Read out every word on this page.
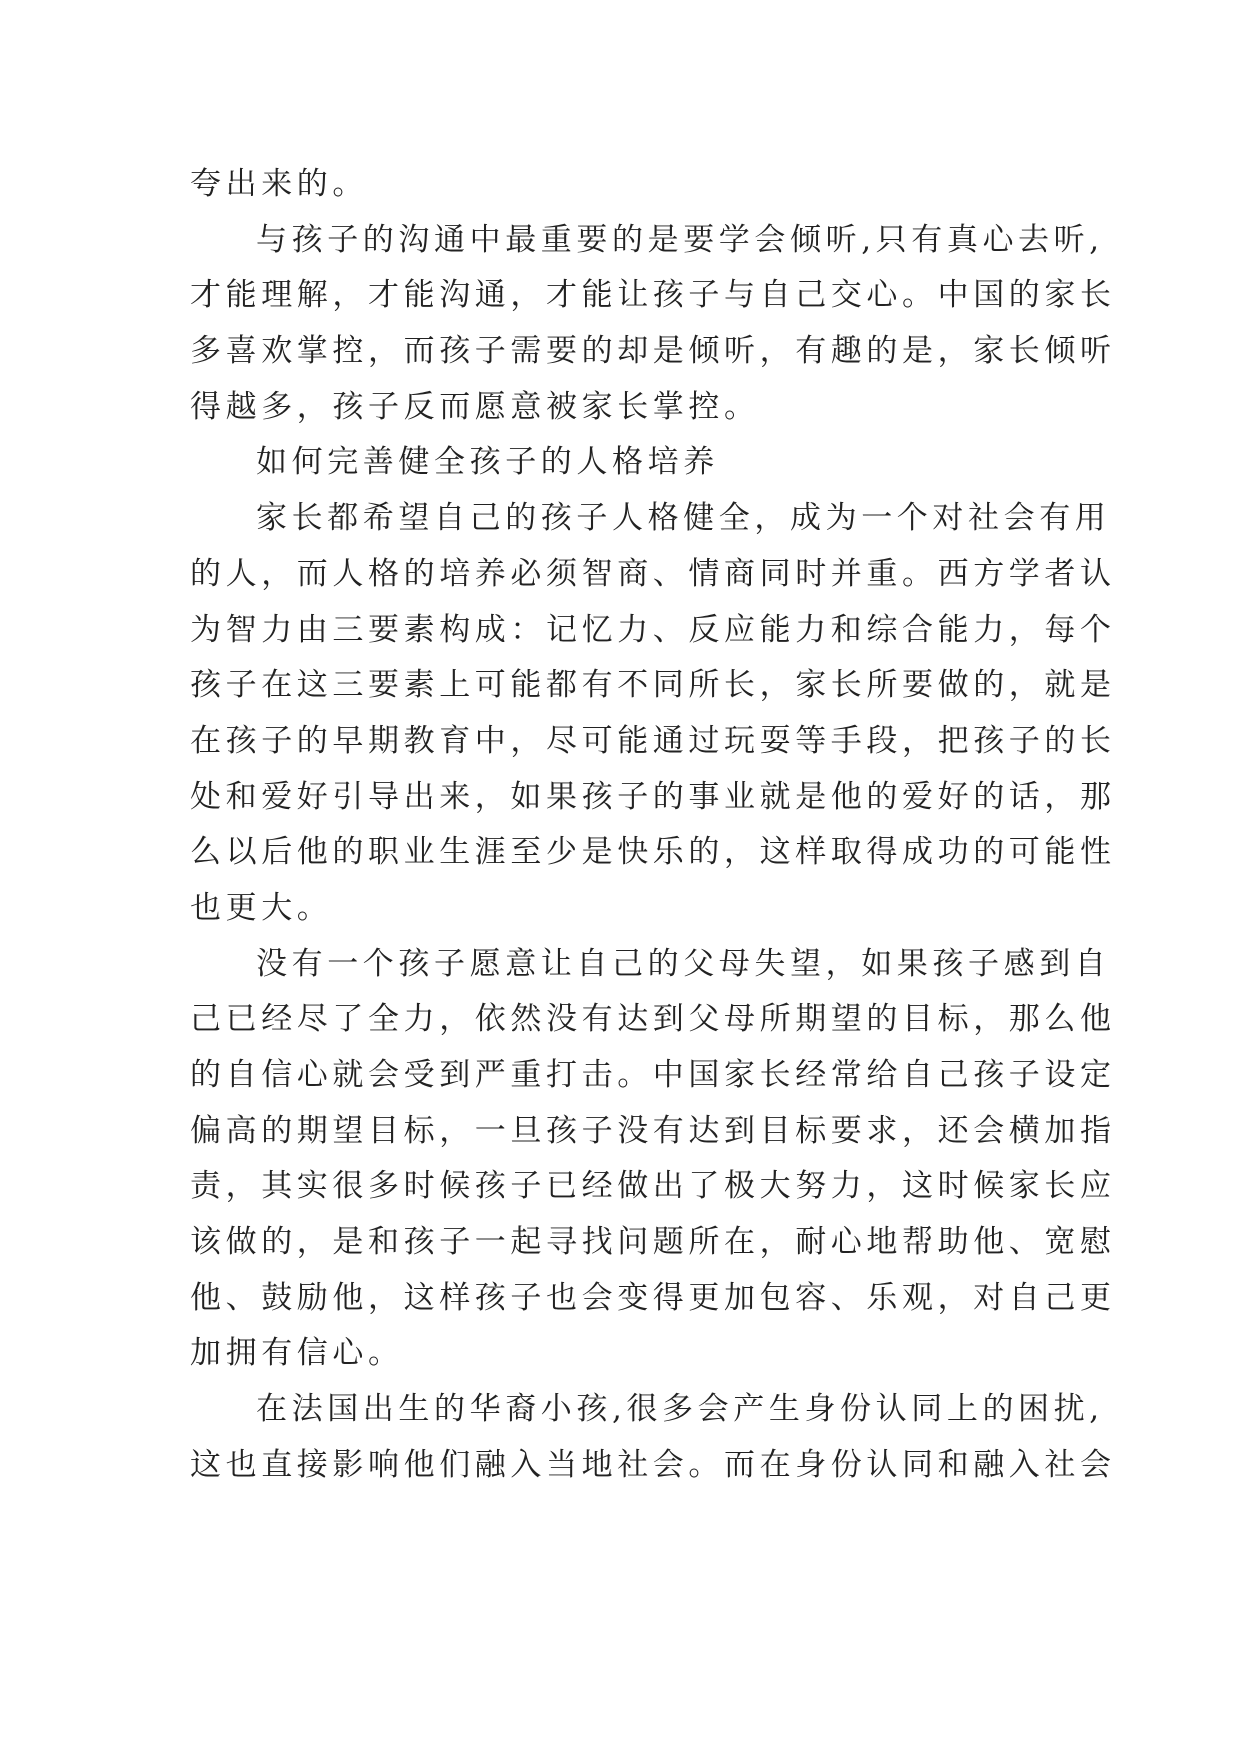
夸出来的。
与孩子的沟通中最重要的是要学会倾听,只有真心去听,
才能理解，才能沟通，才能让孩子与自己交心。中国的家长
多喜欢掌控，而孩子需要的却是倾听，有趣的是，家长倾听
得越多，孩子反而愿意被家长掌控。
如何完善健全孩子的人格培养
家长都希望自己的孩子人格健全，成为一个对社会有用
的人，而人格的培养必须智商、情商同时并重。西方学者认
为智力由三要素构成：记忆力、反应能力和综合能力，每个
孩子在这三要素上可能都有不同所长，家长所要做的，就是
在孩子的早期教育中，尽可能通过玩耍等手段，把孩子的长
处和爱好引导出来，如果孩子的事业就是他的爱好的话，那
么以后他的职业生涯至少是快乐的，这样取得成功的可能性
也更大。
没有一个孩子愿意让自己的父母失望，如果孩子感到自
己已经尽了全力，依然没有达到父母所期望的目标，那么他
的自信心就会受到严重打击。中国家长经常给自己孩子设定
偏高的期望目标，一旦孩子没有达到目标要求，还会横加指
责，其实很多时候孩子已经做出了极大努力，这时候家长应
该做的，是和孩子一起寻找问题所在，耐心地帮助他、宽慰
他、鼓励他，这样孩子也会变得更加包容、乐观，对自己更
加拥有信心。
在法国出生的华裔小孩,很多会产生身份认同上的困扰,
这也直接影响他们融入当地社会。而在身份认同和融入社会
